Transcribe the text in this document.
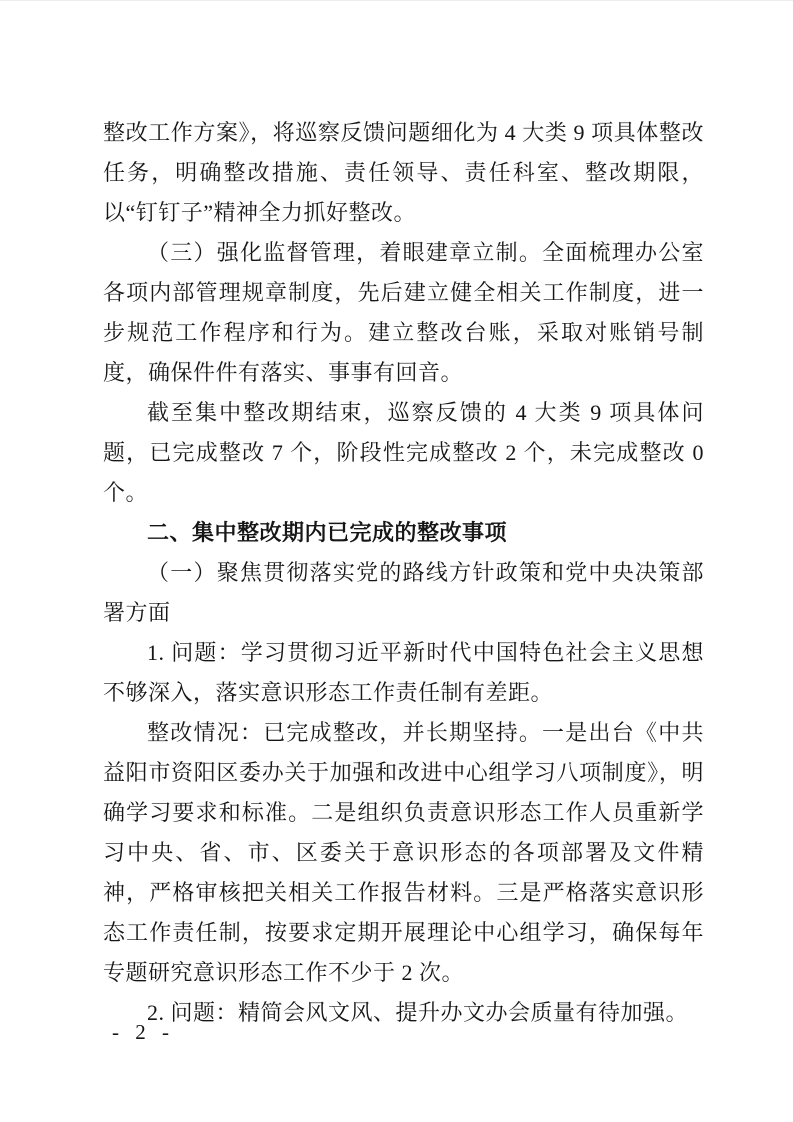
整改工作方案》，将巡察反馈问题细化为 4 大类 9 项具体整改任务，明确整改措施、责任领导、责任科室、整改期限，以“钉钉子”精神全力抓好整改。

（三）强化监督管理，着眼建章立制。全面梳理办公室各项内部管理规章制度，先后建立健全相关工作制度，进一步规范工作程序和行为。建立整改台账，采取对账销号制度，确保件件有落实、事事有回音。

截至集中整改期结束，巡察反馈的 4 大类 9 项具体问题，已完成整改 7 个，阶段性完成整改 2 个，未完成整改 0 个。

二、集中整改期内已完成的整改事项

（一）聚焦贯彻落实党的路线方针政策和党中央决策部署方面

1. 问题：学习贯彻习近平新时代中国特色社会主义思想不够深入，落实意识形态工作责任制有差距。

整改情况：已完成整改，并长期坚持。一是出台《中共益阳市资阳区委办关于加强和改进中心组学习八项制度》，明确学习要求和标准。二是组织负责意识形态工作人员重新学习中央、省、市、区委关于意识形态的各项部署及文件精神，严格审核把关相关工作报告材料。三是严格落实意识形态工作责任制，按要求定期开展理论中心组学习，确保每年专题研究意识形态工作不少于 2 次。

2. 问题：精简会风文风、提升办文办会质量有待加强。

- 2 -
